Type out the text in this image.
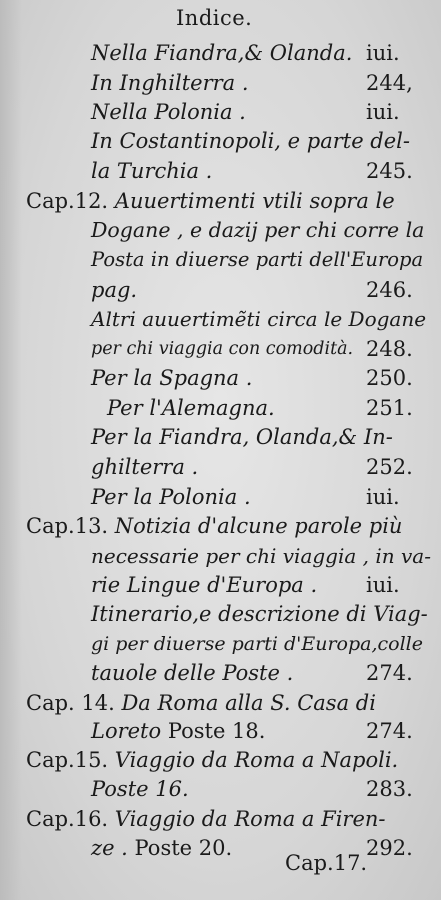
Indice.
Nella Fiandra,& Olanda. iui.
In Inghilterra .	244,
Nella Polonia .	iui.
In Costantinopoli, e parte del-
la Turchia .	245.
Cap.12. Auuertimenti vtili sopra le
Dogane , e dazij per chi corre la
Posta in diuerse parti dell'Europa
pag.	246.
Altri auuertimẽti circa le Dogane
per chi viaggia con comodità. 248.
Per la Spagna .	250.
Per l'Alemagna.	251.
Per la Fiandra, Olanda,& In-
ghilterra .	252.
Per la Polonia .	iui.
Cap.13. Notizia d'alcune parole più
necessarie per chi viaggia , in va-
rie Lingue d'Europa . iui.
Itinerario,e descrizione di Viag-
gi per diuerse parti d'Europa,colle
tauole delle Poste .	274.
Cap. 14. Da Roma alla S. Casa di
Loreto Poste 18.	274.
Cap.15. Viaggio da Roma a Napoli.
Poste 16.	283.
Cap.16. Viaggio da Roma a Firen-
ze . Poste 20.	292.
Cap.17.
